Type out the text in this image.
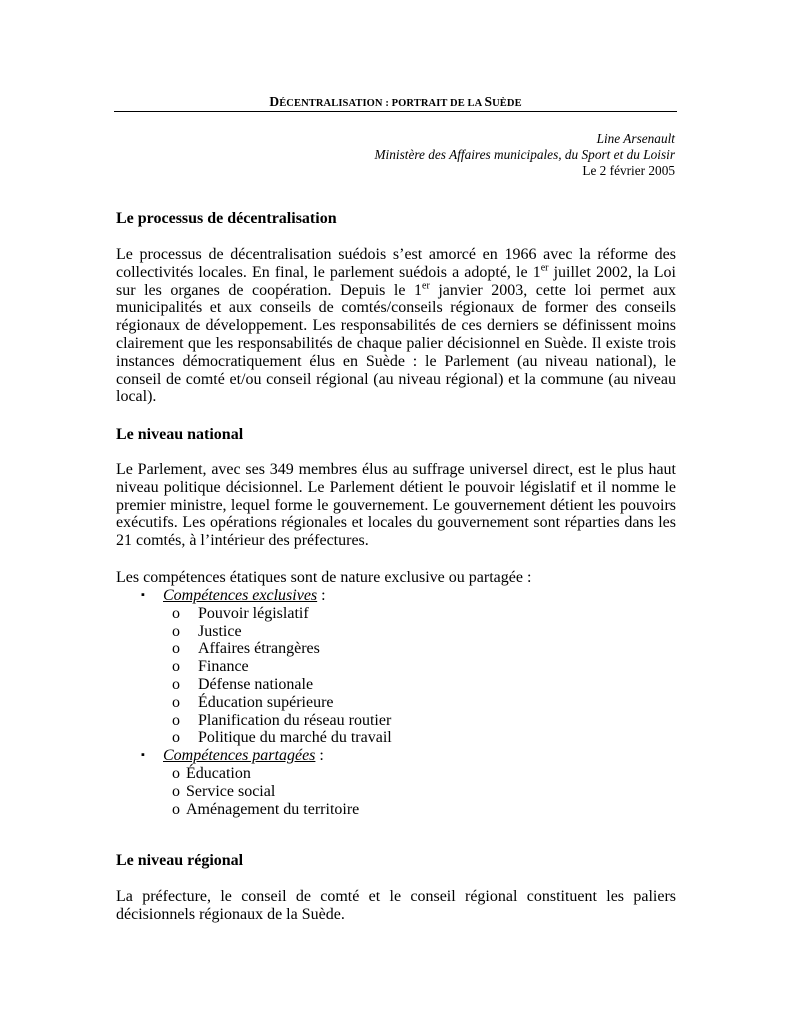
DÉCENTRALISATION : PORTRAIT DE LA SUÈDE
Line Arsenault
Ministère des Affaires municipales, du Sport et du Loisir
Le 2 février 2005
Le processus de décentralisation

Le processus de décentralisation suédois s’est amorcé en 1966 avec la réforme des collectivités locales. En final, le parlement suédois a adopté, le 1er juillet 2002, la Loi sur les organes de coopération. Depuis le 1er janvier 2003, cette loi permet aux municipalités et aux conseils de comtés/conseils régionaux de former des conseils régionaux de développement. Les responsabilités de ces derniers se définissent moins clairement que les responsabilités de chaque palier décisionnel en Suède. Il existe trois instances démocratiquement élus en Suède : le Parlement (au niveau national), le conseil de comté et/ou conseil régional (au niveau régional) et la commune (au niveau local).

Le niveau national

Le Parlement, avec ses 349 membres élus au suffrage universel direct, est le plus haut niveau politique décisionnel. Le Parlement détient le pouvoir législatif et il nomme le premier ministre, lequel forme le gouvernement. Le gouvernement détient les pouvoirs exécutifs. Les opérations régionales et locales du gouvernement sont réparties dans les 21 comtés, à l’intérieur des préfectures.

Les compétences étatiques sont de nature exclusive ou partagée :

▪ Compétences exclusives :
o Pouvoir législatif
o Justice
o Affaires étrangères
o Finance
o Défense nationale
o Éducation supérieure
o Planification du réseau routier
o Politique du marché du travail
▪ Compétences partagées :
o Éducation
o Service social
o Aménagement du territoire
Le niveau régional

La préfecture, le conseil de comté et le conseil régional constituent les paliers décisionnels régionaux de la Suède.
